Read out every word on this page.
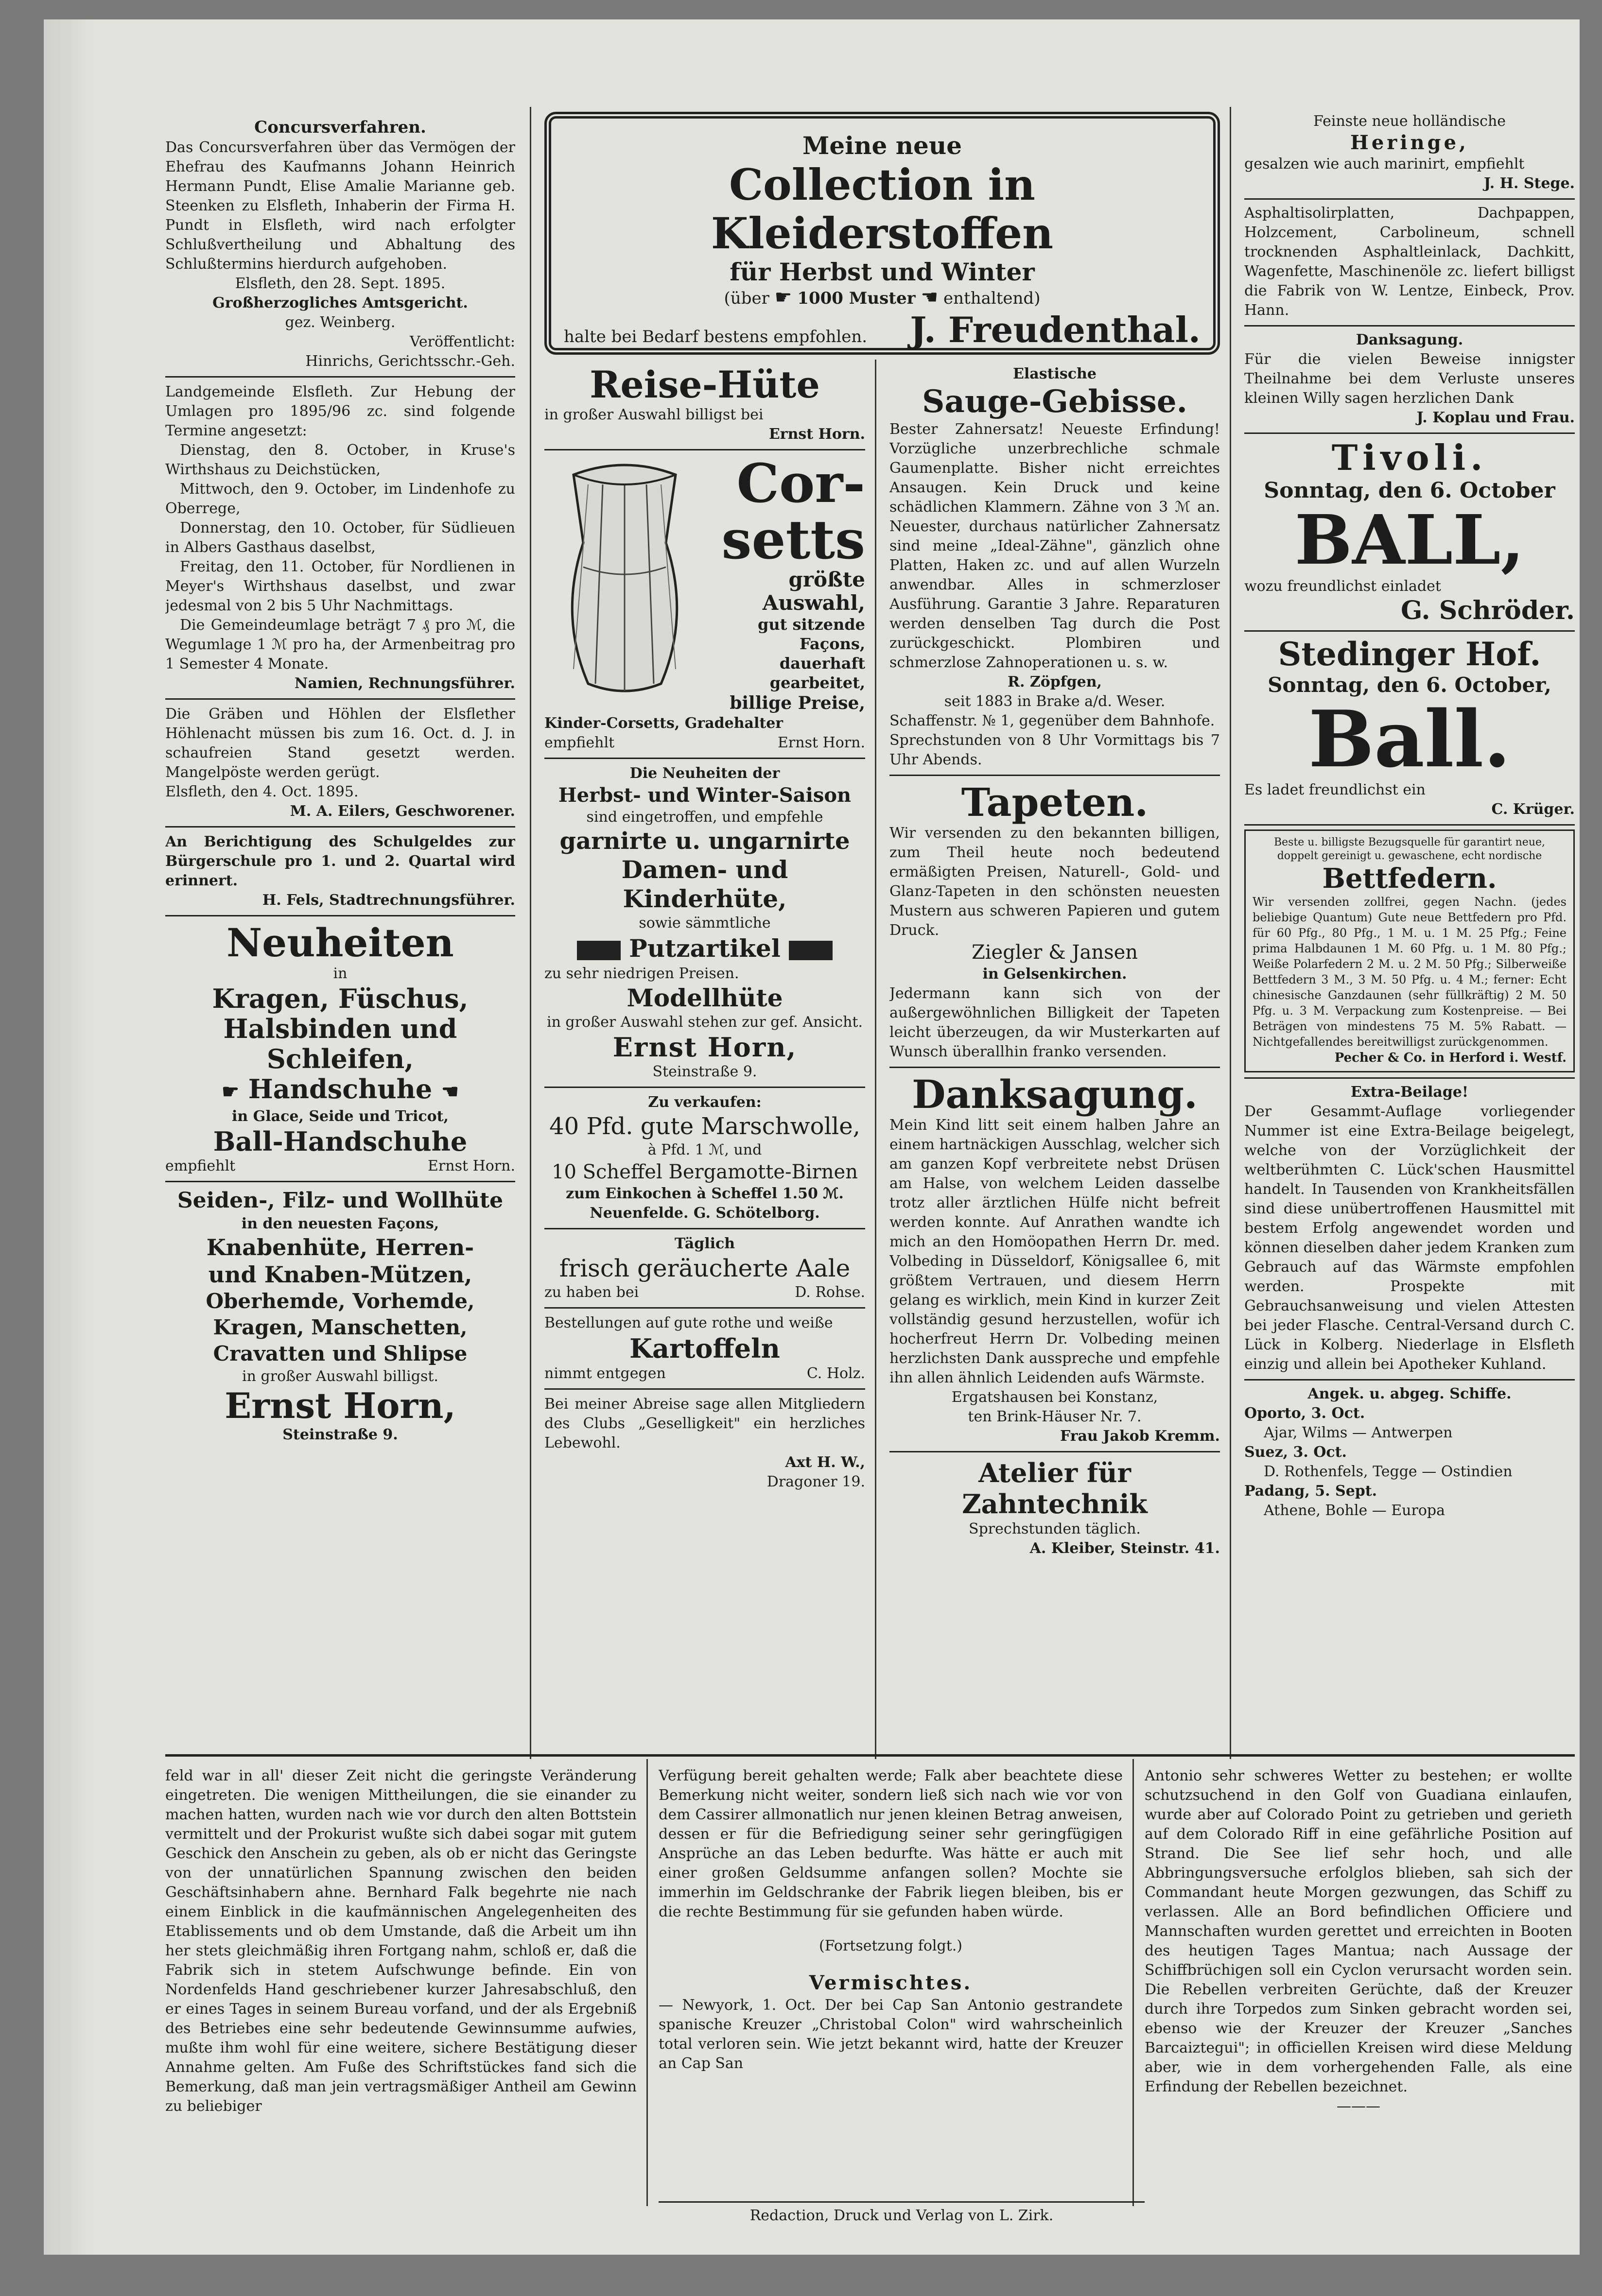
Concursverfahren.

Das Concursverfahren über das Vermögen der Ehefrau des Kaufmanns Johann Heinrich Hermann Pundt, Elise Amalie Marianne geb. Steenken zu Elsfleth, Inhaberin der Firma H. Pundt in Elsfleth, wird nach erfolgter Schlußvertheilung und Abhaltung des Schlußtermins hierdurch aufgehoben.

Elsfleth, den 28. Sept. 1895.

Großherzogliches Amtsgericht.

gez. Weinberg.

Veröffentlicht:

Hinrichs, Gerichtsschr.-Geh.

Landgemeinde Elsfleth. Zur Hebung der Umlagen pro 1895/96 zc. sind folgende Termine angesetzt:

Dienstag, den 8. October, in Kruse's Wirthshaus zu Deichstücken,

Mittwoch, den 9. October, im Lindenhofe zu Oberrege,

Donnerstag, den 10. October, für Südlieuen in Albers Gasthaus daselbst,

Freitag, den 11. October, für Nordlienen in Meyer's Wirthshaus daselbst, und zwar jedesmal von 2 bis 5 Uhr Nachmittags.

Die Gemeindeumlage beträgt 7 ₰ pro ℳ, die Wegumlage 1 ℳ pro ha, der Armenbeitrag pro 1 Semester 4 Monate.

Namien, Rechnungsführer.

Die Gräben und Höhlen der Elsflether Höhlenacht müssen bis zum 16. Oct. d. J. in schaufreien Stand gesetzt werden. Mangelpöste werden gerügt.

Elsfleth, den 4. Oct. 1895.

M. A. Eilers, Geschworener.

An Berichtigung des Schulgeldes zur Bürgerschule pro 1. und 2. Quartal wird erinnert.

H. Fels, Stadtrechnungsführer.

Neuheiten

in

Kragen, Füschus,

Halsbinden und

Schleifen,

☛ Handschuhe ☚

in Glace, Seide und Tricot,

Ball-Handschuhe

empfiehlt	Ernst Horn.

Seiden-, Filz- und Wollhüte

in den neuesten Façons,

Knabenhüte, Herren-

und Knaben-Mützen,

Oberhemde, Vorhemde,

Kragen, Manschetten, Cravatten und Shlipse

in großer Auswahl billigst.

Ernst Horn,

Steinstraße 9.

Meine neue

Collection in Kleiderstoffen

für Herbst und Winter

(über ☛ 1000 Muster ☚ enthaltend)

halte bei Bedarf bestens empfohlen. J. Freudenthal.

Reise-Hüte

in großer Auswahl billigst bei

Ernst Horn.

Cor-

setts

größte

Auswahl,

gut sitzende

Façons,

dauerhaft

gearbeitet,

billige Preise,

Kinder-Corsetts, Gradehalter

empfiehlt	Ernst Horn.

Die Neuheiten der

Herbst- und Winter-Saison

sind eingetroffen, und empfehle

garnirte u. ungarnirte

Damen- und Kinderhüte,

sowie sämmtliche

Putzartikel

zu sehr niedrigen Preisen.

Modellhüte

in großer Auswahl stehen zur gef. Ansicht.

Ernst Horn,

Steinstraße 9.

Zu verkaufen:

40 Pfd. gute Marschwolle,

à Pfd. 1 ℳ, und

10 Scheffel Bergamotte-Birnen

zum Einkochen à Scheffel 1.50 ℳ.

Neuenfelde. G. Schötelborg.

Täglich

frisch geräucherte Aale

zu haben bei	D. Rohse.

Bestellungen auf gute rothe und weiße

Kartoffeln

nimmt entgegen	C. Holz.

Bei meiner Abreise sage allen Mitgliedern des Clubs „Geselligkeit" ein herzliches Lebewohl.

Axt H. W.,

Dragoner 19.

Elastische

Sauge-Gebisse.

Bester Zahnersatz! Neueste Erfindung! Vorzügliche unzerbrechliche schmale Gaumenplatte. Bisher nicht erreichtes Ansaugen. Kein Druck und keine schädlichen Klammern. Zähne von 3 ℳ an. Neuester, durchaus natürlicher Zahnersatz sind meine „Ideal-Zähne", gänzlich ohne Platten, Haken zc. und auf allen Wurzeln anwendbar. Alles in schmerzloser Ausführung. Garantie 3 Jahre. Reparaturen werden denselben Tag durch die Post zurückgeschickt. Plombiren und schmerzlose Zahnoperationen u. s. w.

R. Zöpfgen,

seit 1883 in Brake a/d. Weser.

Schaffenstr. № 1, gegenüber dem Bahnhofe.

Sprechstunden von 8 Uhr Vormittags bis 7 Uhr Abends.

Tapeten.

Wir versenden zu den bekannten billigen, zum Theil heute noch bedeutend ermäßigten Preisen, Naturell-, Gold- und Glanz-Tapeten in den schönsten neuesten Mustern aus schweren Papieren und gutem Druck.

Ziegler & Jansen

in Gelsenkirchen.

Jedermann kann sich von der außergewöhnlichen Billigkeit der Tapeten leicht überzeugen, da wir Musterkarten auf Wunsch überallhin franko versenden.

Danksagung.

Mein Kind litt seit einem halben Jahre an einem hartnäckigen Ausschlag, welcher sich am ganzen Kopf verbreitete nebst Drüsen am Halse, von welchem Leiden dasselbe trotz aller ärztlichen Hülfe nicht befreit werden konnte. Auf Anrathen wandte ich mich an den Homöopathen Herrn Dr. med. Volbeding in Düsseldorf, Königsallee 6, mit größtem Vertrauen, und diesem Herrn gelang es wirklich, mein Kind in kurzer Zeit vollständig gesund herzustellen, wofür ich hocherfreut Herrn Dr. Volbeding meinen herzlichsten Dank ausspreche und empfehle ihn allen ähnlich Leidenden aufs Wärmste.

Ergatshausen bei Konstanz,

ten Brink-Häuser Nr. 7.

Frau Jakob Kremm.

Atelier für Zahntechnik

Sprechstunden täglich.

A. Kleiber, Steinstr. 41.

Feinste neue holländische

Heringe,

gesalzen wie auch marinirt, empfiehlt

J. H. Stege.

Asphaltisolirplatten, Dachpappen, Holzcement, Carbolineum, schnell trocknenden Asphaltleinlack, Dachkitt, Wagenfette, Maschinenöle zc. liefert billigst die Fabrik von W. Lentze, Einbeck, Prov. Hann.

Danksagung.

Für die vielen Beweise innigster Theilnahme bei dem Verluste unseres kleinen Willy sagen herzlichen Dank

J. Koplau und Frau.

Tivoli.

Sonntag, den 6. October

BALL,

wozu freundlichst einladet

G. Schröder.

Stedinger Hof.

Sonntag, den 6. October,

Ball.

Es ladet freundlichst ein

C. Krüger.

Beste u. billigste Bezugsquelle für garantirt neue, doppelt gereinigt u. gewaschene, echt nordische

Bettfedern.

Wir versenden zollfrei, gegen Nachn. (jedes beliebige Quantum) Gute neue Bettfedern pro Pfd. für 60 Pfg., 80 Pfg., 1 M. u. 1 M. 25 Pfg.; Feine prima Halbdaunen 1 M. 60 Pfg. u. 1 M. 80 Pfg.; Weiße Polarfedern 2 M. u. 2 M. 50 Pfg.; Silberweiße Bettfedern 3 M., 3 M. 50 Pfg. u. 4 M.; ferner: Echt chinesische Ganzdaunen (sehr füllkräftig) 2 M. 50 Pfg. u. 3 M. Verpackung zum Kostenpreise. — Bei Beträgen von mindestens 75 M. 5% Rabatt. — Nichtgefallendes bereitwilligst zurückgenommen.

Pecher & Co. in Herford i. Westf.

Extra-Beilage!

Der Gesammt-Auflage vorliegender Nummer ist eine Extra-Beilage beigelegt, welche von der Vorzüglichkeit der weltberühmten C. Lück'schen Hausmittel handelt. In Tausenden von Krankheitsfällen sind diese unübertroffenen Hausmittel mit bestem Erfolg angewendet worden und können dieselben daher jedem Kranken zum Gebrauch auf das Wärmste empfohlen werden. Prospekte mit Gebrauchsanweisung und vielen Attesten bei jeder Flasche. Central-Versand durch C. Lück in Kolberg. Niederlage in Elsfleth einzig und allein bei Apotheker Kuhland.

Angek. u. abgeg. Schiffe.

Oporto, 3. Oct.

Ajar, Wilms — Antwerpen

Suez, 3. Oct.

D. Rothenfels, Tegge — Ostindien

Padang, 5. Sept.

Athene, Bohle — Europa

feld war in all' dieser Zeit nicht die geringste Veränderung eingetreten. Die wenigen Mittheilungen, die sie einander zu machen hatten, wurden nach wie vor durch den alten Bottstein vermittelt und der Prokurist wußte sich dabei sogar mit gutem Geschick den Anschein zu geben, als ob er nicht das Geringste von der unnatürlichen Spannung zwischen den beiden Geschäftsinhabern ahne. Bernhard Falk begehrte nie nach einem Einblick in die kaufmännischen Angelegenheiten des Etablissements und ob dem Umstande, daß die Arbeit um ihn her stets gleichmäßig ihren Fortgang nahm, schloß er, daß die Fabrik sich in stetem Aufschwunge befinde. Ein von Nordenfelds Hand geschriebener kurzer Jahresabschluß, den er eines Tages in seinem Bureau vorfand, und der als Ergebniß des Betriebes eine sehr bedeutende Gewinnsumme aufwies, mußte ihm wohl für eine weitere, sichere Bestätigung dieser Annahme gelten. Am Fuße des Schriftstückes fand sich die Bemerkung, daß man jein vertragsmäßiger Antheil am Gewinn zu beliebiger

Verfügung bereit gehalten werde; Falk aber beachtete diese Bemerkung nicht weiter, sondern ließ sich nach wie vor von dem Cassirer allmonatlich nur jenen kleinen Betrag anweisen, dessen er für die Befriedigung seiner sehr geringfügigen Ansprüche an das Leben bedurfte. Was hätte er auch mit einer großen Geldsumme anfangen sollen? Mochte sie immerhin im Geldschranke der Fabrik liegen bleiben, bis er die rechte Bestimmung für sie gefunden haben würde.

(Fortsetzung folgt.)

Vermischtes.

— Newyork, 1. Oct. Der bei Cap San Antonio gestrandete spanische Kreuzer „Christobal Colon" wird wahrscheinlich total verloren sein. Wie jetzt bekannt wird, hatte der Kreuzer an Cap San

Antonio sehr schweres Wetter zu bestehen; er wollte schutzsuchend in den Golf von Guadiana einlaufen, wurde aber auf Colorado Point zu getrieben und gerieth auf dem Colorado Riff in eine gefährliche Position auf Strand. Die See lief sehr hoch, und alle Abbringungsversuche erfolglos blieben, sah sich der Commandant heute Morgen gezwungen, das Schiff zu verlassen. Alle an Bord befindlichen Officiere und Mannschaften wurden gerettet und erreichten in Booten des heutigen Tages Mantua; nach Aussage der Schiffbrüchigen soll ein Cyclon verursacht worden sein. Die Rebellen verbreiten Gerüchte, daß der Kreuzer durch ihre Torpedos zum Sinken gebracht worden sei, ebenso wie der Kreuzer der Kreuzer „Sanches Barcaiztegui"; in officiellen Kreisen wird diese Meldung aber, wie in dem vorhergehenden Falle, als eine Erfindung der Rebellen bezeichnet.

———

Redaction, Druck und Verlag von L. Zirk.
